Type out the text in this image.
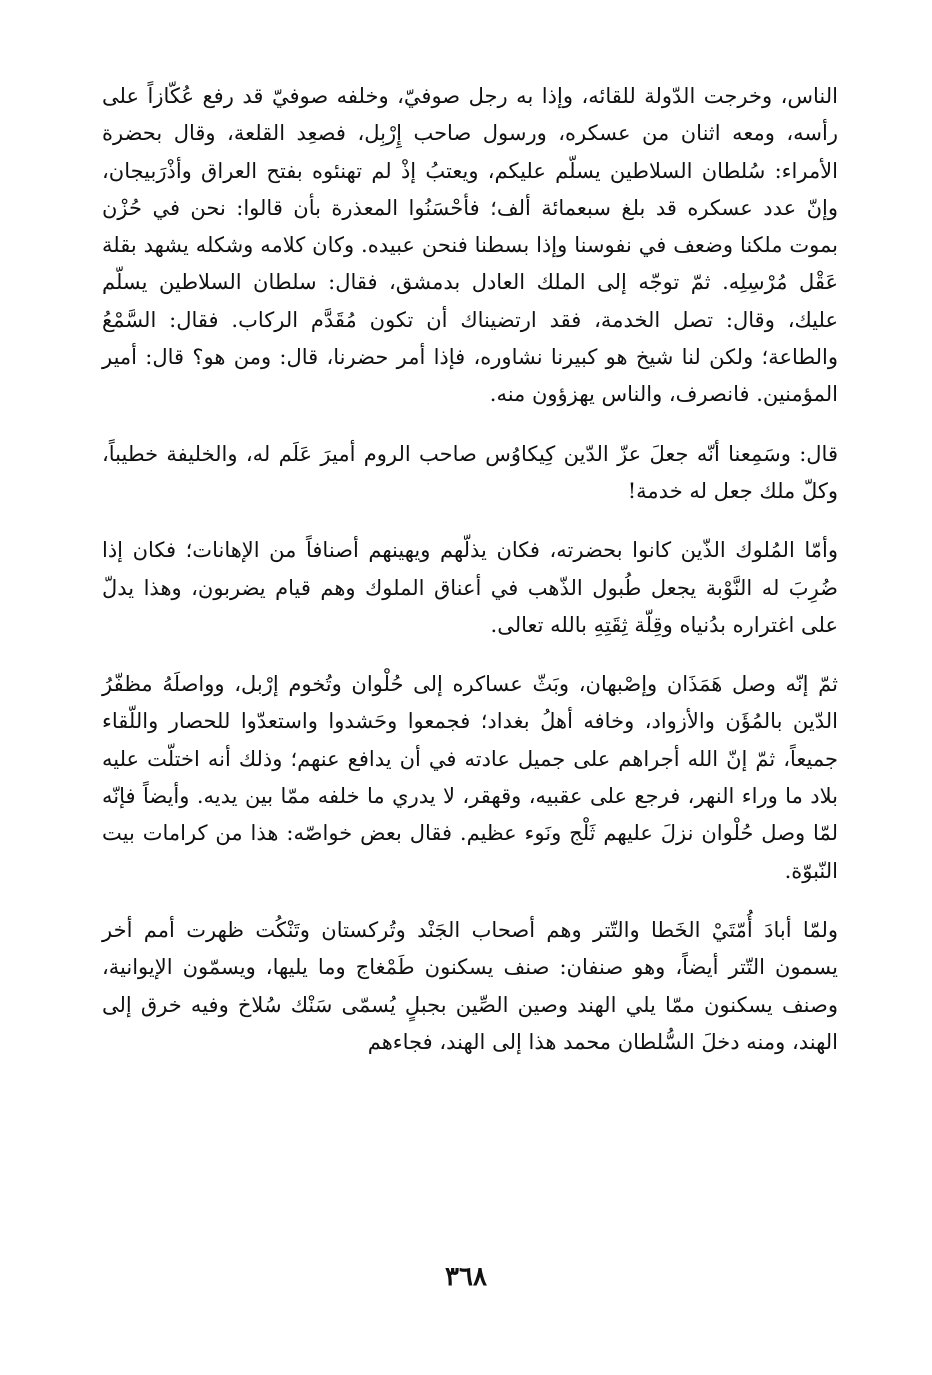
الناس، وخرجت الدّولة للقائه، وإذا به رجل صوفيّ، وخلفه صوفيّ قد رفع عُكّازاً على رأسه، ومعه اثنان من عسكره، ورسول صاحب إِرْبِل، فصعِد القلعة، وقال بحضرة الأمراء: سُلطان السلاطين يسلّم عليكم، ويعتبُ إذْ لم تهنئوه بفتح العراق وأذْرَبيجان، وإنّ عدد عسكره قد بلغ سبعمائة ألف؛ فأحْسَنُوا المعذرة بأن قالوا: نحن في حُزْن بموت ملكنا وضعف في نفوسنا وإذا بسطنا فنحن عبيده. وكان كلامه وشكله يشهد بقلة عَقْل مُرْسِلِه. ثمّ توجّه إلى الملك العادل بدمشق، فقال: سلطان السلاطين يسلّم عليك، وقال: تصل الخدمة، فقد ارتضيناك أن تكون مُقَدَّم الركاب. فقال: السَّمْعُ والطاعة؛ ولكن لنا شيخ هو كبيرنا نشاوره، فإذا أمر حضرنا، قال: ومن هو؟ قال: أمير المؤمنين. فانصرف، والناس يهزؤون منه.

قال: وسَمِعنا أنّه جعلَ عزّ الدّين كِيكاوُس صاحب الروم أميرَ عَلَم له، والخليفة خطيباً، وكلّ ملك جعل له خدمة!

وأمّا المُلوك الذّين كانوا بحضرته، فكان يذلّهم ويهينهم أصنافاً من الإهانات؛ فكان إذا ضُرِبَ له النَّوْبة يجعل طُبول الذّهب في أعناق الملوك وهم قيام يضربون، وهذا يدلّ على اغتراره بدُنياه وقِلّة ثِقَتِهِ بالله تعالى.

ثمّ إنّه وصل هَمَذَان وإصْبهان، وبَثّ عساكره إلى حُلْوان وتُخوم إرْبل، وواصلَهُ مظفّرُ الدّين بالمُؤَن والأزواد، وخافه أهلُ بغداد؛ فجمعوا وحَشدوا واستعدّوا للحصار واللّقاء جميعاً، ثمّ إنّ الله أجراهم على جميل عادته في أن يدافع عنهم؛ وذلك أنه اختلّت عليه بلاد ما وراء النهر، فرجع على عقبيه، وقهقر، لا يدري ما خلفه ممّا بين يديه. وأيضاً فإنّه لمّا وصل حُلْوان نزلَ عليهم ثَلْج ونَوء عظيم. فقال بعض خواصّه: هذا من كرامات بيت النّبوّة.

ولمّا أبادَ أُمّتَيْ الخَطا والتّتر وهم أصحاب الجَنْد وتُركستان وتَنْكُت ظهرت أمم أخر يسمون التّتر أيضاً، وهو صنفان: صنف يسكنون طَمْغاج وما يليها، ويسمّون الإيوانية، وصنف يسكنون ممّا يلي الهند وصين الصِّين بجبلٍ يُسمّى سَنْك سُلاخ وفيه خرق إلى الهند، ومنه دخلَ السُّلطان محمد هذا إلى الهند، فجاءهم

٣٦٨
